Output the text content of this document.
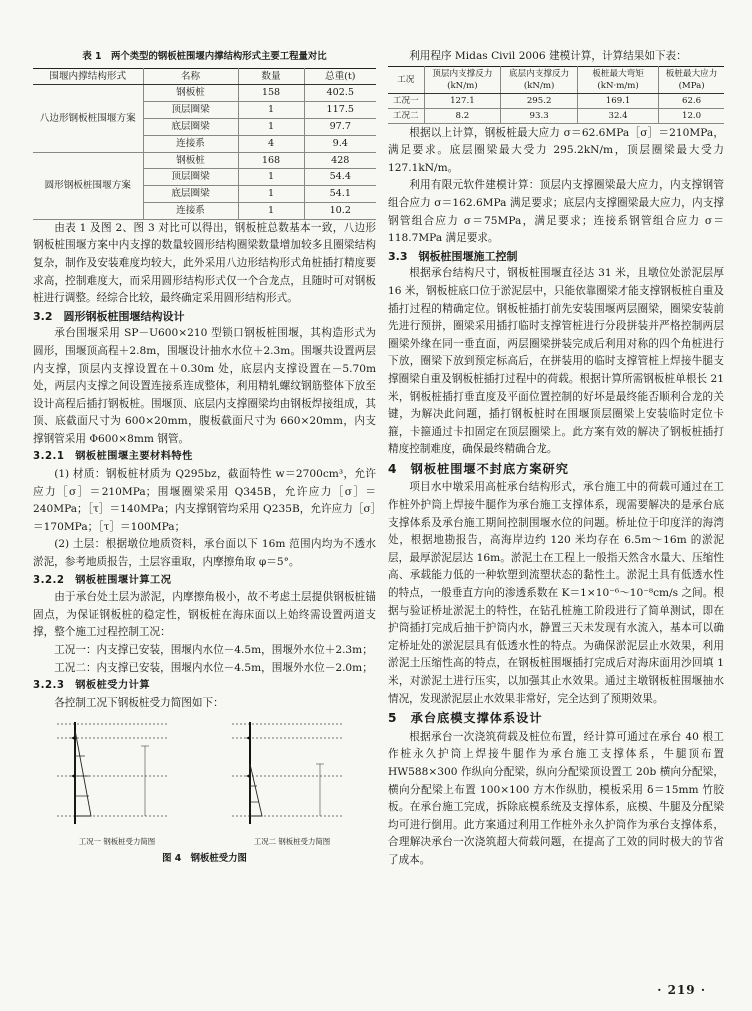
表 1　两个类型的钢板桩围堰内撑结构形式主要工程量对比
围堰内撑结构形式	名称	数量	总重(t)
八边形钢板桩围堰方案	钢板桩	158	402.5
	顶层圈梁	1	117.5
	底层圈梁	1	97.7
	连接系	4	9.4
圆形钢板桩围堰方案	钢板桩	168	428
	顶层圈梁	1	54.4
	底层圈梁	1	54.1
	连接系	1	10.2

由表 1 及图 2、图 3 对比可以得出，钢板桩总数基本一致，八边形钢板桩围堰方案中内支撑的数量较圆形结构圈梁数量增加较多且圈梁结构复杂，制作及安装难度均较大，此外采用八边形结构形式角桩插打精度要求高，控制难度大，而采用圆形结构形式仅一个合龙点，且随时可对钢板桩进行调整。经综合比较，最终确定采用圆形结构形式。

3.2　圆形钢板桩围堰结构设计

承台围堰采用 SP－U600×210 型锁口钢板桩围堰，其构造形式为圆形，围堰顶高程＋2.8m，围堰设计抽水水位＋2.3m。围堰共设置两层内支撑，顶层内支撑设置在＋0.30m 处，底层内支撑设置在－5.70m 处，两层内支撑之间设置连接系连成整体，利用精轧螺纹钢筋整体下放至设计高程后插打钢板桩。围堰顶、底层内支撑圈梁均由钢板焊接组成，其顶、底截面尺寸为 600×20mm，腹板截面尺寸为 660×20mm，内支撑钢管采用 Φ600×8mm 钢管。

3.2.1　钢板桩围堰主要材料特性

(1) 材质：钢板桩材质为 Q295bz，截面特性 w＝2700cm³，允许应力［σ］＝210MPa；围堰圈梁采用 Q345B，允许应力［σ］＝240MPa；［τ］＝140MPa；内支撑钢管均采用 Q235B，允许应力［σ］＝170MPa；［τ］＝100MPa；

(2) 土层：根据墩位地质资料，承台面以下 16m 范围内均为不透水淤泥，参考地质报告，土层容重取，内摩擦角取 φ＝5°。

3.2.2　钢板桩围堰计算工况

由于承台处土层为淤泥，内摩擦角极小，故不考虑土层提供钢板桩锚固点，为保证钢板桩的稳定性，钢板桩在海床面以上始终需设置两道支撑，整个施工过程控制工况：

工况一：内支撑已安装，围堰内水位－4.5m，围堰外水位＋2.3m；

工况二：内支撑已安装，围堰内水位－4.5m，围堰外水位－2.0m；

3.2.3　钢板桩受力计算

各控制工况下钢板桩受力简图如下：

工况一 钢板桩受力简图	工况二 钢板桩受力简图
图 4　钢板桩受力图

利用程序 Midas Civil 2006 建模计算，计算结果如下表：

工况	顶层内支撑反力(kN/m)	底层内支撑反力(kN/m)	板桩最大弯矩(kN·m/m)	板桩最大应力(MPa)
工况一	127.1	295.2	169.1	62.6
工况二	8.2	93.3	32.4	12.0

根据以上计算，钢板桩最大应力 σ＝62.6MPa［σ］＝210MPa，满足要求。底层圈梁最大受力 295.2kN/m，顶层圈梁最大受力 127.1kN/m。

利用有限元软件建模计算：顶层内支撑圈梁最大应力，内支撑钢管组合应力 σ＝162.6MPa 满足要求；底层内支撑圈梁最大应力，内支撑钢管组合应力 σ＝75MPa，满足要求；连接系钢管组合应力 σ＝118.7MPa 满足要求。

3.3　钢板桩围堰施工控制

根据承台结构尺寸，钢板桩围堰直径达 31 米，且墩位处淤泥层厚 16 米，钢板桩底口位于淤泥层中，只能依靠圈梁才能支撑钢板桩自重及插打过程的精确定位。钢板桩插打前先安装围堰两层圈梁，圈梁安装前先进行预拼，圈梁采用插打临时支撑管桩进行分段拼装并严格控制两层圈梁外缘在同一垂直面，两层圈梁拼装完成后利用对称的四个角桩进行下放，圈梁下放到预定标高后，在拼装用的临时支撑管桩上焊接牛腿支撑圈梁自重及钢板桩插打过程中的荷载。根据计算所需钢板桩单根长 21 米，钢板桩插打垂直度及平面位置控制的好坏是最终能否顺利合龙的关键，为解决此问题，插打钢板桩时在围堰顶层圈梁上安装临时定位卡箍，卡箍通过卡扣固定在顶层圈梁上。此方案有效的解决了钢板桩插打精度控制难度，确保最终精确合龙。

4　钢板桩围堰不封底方案研究

项目水中墩采用高桩承台结构形式，承台施工中的荷载可通过在工作桩外护筒上焊接牛腿作为承台施工支撑体系，现需要解决的是承台底支撑体系及承台施工期间控制围堰水位的问题。桥址位于印度洋的海湾处，根据地勘报告，高海岸边约 120 米均存在 6.5m～16m 的淤泥层，最厚淤泥层达 16m。淤泥土在工程上一般指天然含水量大、压缩性高、承载能力低的一种软塑到流塑状态的黏性土。淤泥土具有低透水性的特点，一般垂直方向的渗透系数在 K＝1×10⁻⁶～10⁻⁸cm/s 之间。根据与验证桥址淤泥土的特性，在钻孔桩施工阶段进行了简单测试，即在护筒插打完成后抽干护筒内水，静置三天未发现有水流入，基本可以确定桥址处的淤泥层具有低透水性的特点。为确保淤泥层止水效果，利用淤泥土压缩性高的特点，在钢板桩围堰插打完成后对海床面用沙回填 1 米，对淤泥土进行压实，以加强其止水效果。通过主墩钢板桩围堰抽水情况，发现淤泥层止水效果非常好，完全达到了预期效果。

5　承台底模支撑体系设计

根据承台一次浇筑荷载及桩位布置，经计算可通过在承台 40 根工作桩永久护筒上焊接牛腿作为承台施工支撑体系，牛腿顶布置 HW588×300 作纵向分配梁，纵向分配梁顶设置工 20b 横向分配梁，横向分配梁上布置 100×100 方木作纵肋，模板采用 δ＝15mm 竹胶板。在承台施工完成，拆除底模系统及支撑体系，底模、牛腿及分配梁均可进行倒用。此方案通过利用工作桩外永久护筒作为承台支撑体系，合理解决承台一次浇筑超大荷载问题，在提高了工效的同时极大的节省了成本。

· 219 ·
